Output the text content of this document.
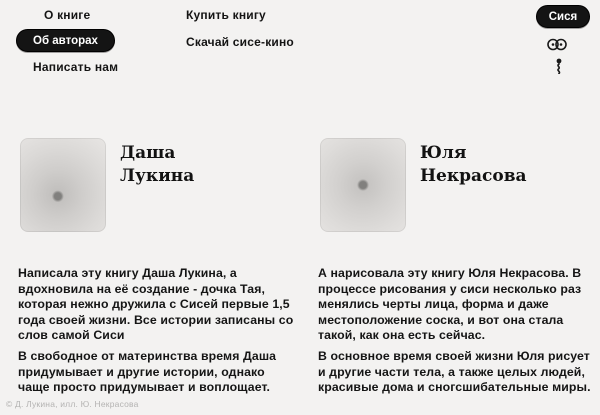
О книге
Об авторах
Написать нам
Купить книгу
Скачай сисе-кино
Сися
Даша
Лукина
Юля
Некрасова

Написала эту книгу Даша Лукина, а вдохновила на её создание - дочка Тая, которая нежно дружила с Сисей первые 1,5 года своей жизни. Все истории записаны со слов самой Сиси

В свободное от материнства время Даша придумывает и другие истории, однако чаще просто придумывает и воплощает.

А нарисовала эту книгу Юля Некрасова. В процессе рисования у сиси несколько раз менялись черты лица, форма и даже местоположение соска, и вот она стала такой, как она есть сейчас.

В основное время своей жизни Юля рисует и другие части тела, а также целых людей, красивые дома и сногсшибательные миры.

© Д. Лукина, илл. Ю. Некрасова
